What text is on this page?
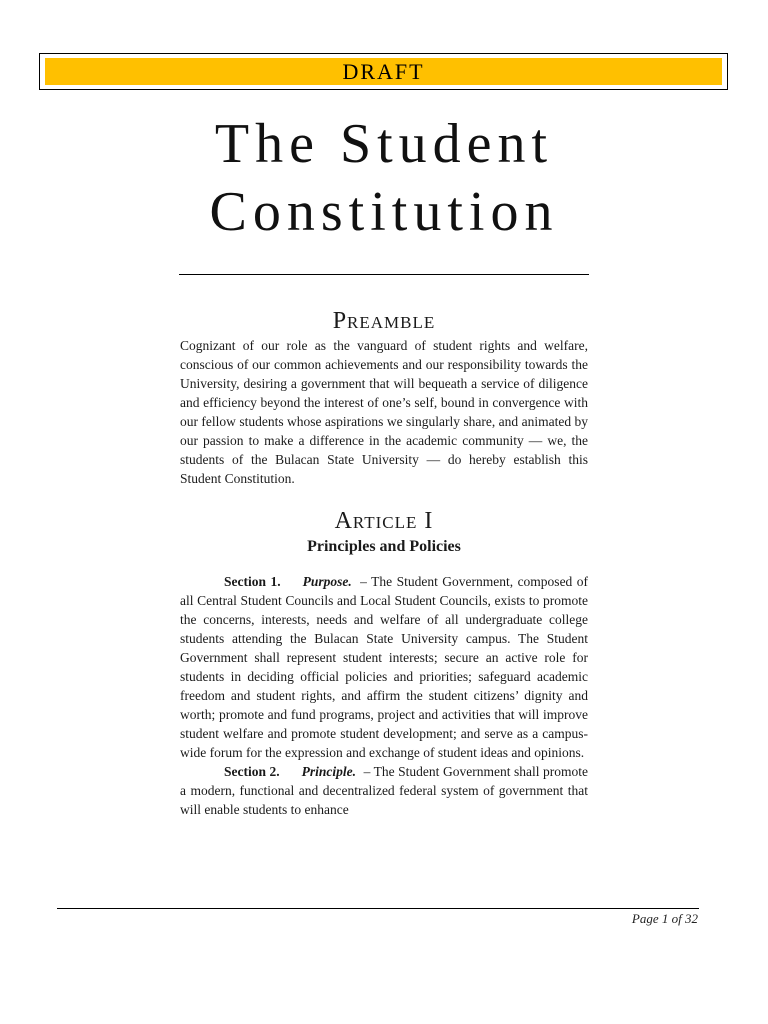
DRAFT
The Student
Constitution
Preamble

Cognizant of our role as the vanguard of student rights and welfare, conscious of our common achievements and our responsibility towards the University, desiring a government that will bequeath a service of diligence and efficiency beyond the interest of one’s self, bound in convergence with our fellow students whose aspirations we singularly share, and animated by our passion to make a difference in the academic community — we, the students of the Bulacan State University — do hereby establish this Student Constitution.

Article I
Principles and Policies

Section 1. Purpose. – The Student Government, composed of all Central Student Councils and Local Student Councils, exists to promote the concerns, interests, needs and welfare of all undergraduate college students attending the Bulacan State University campus. The Student Government shall represent student interests; secure an active role for students in deciding official policies and priorities; safeguard academic freedom and student rights, and affirm the student citizens’ dignity and worth; promote and fund programs, project and activities that will improve student welfare and promote student development; and serve as a campus-wide forum for the expression and exchange of student ideas and opinions.

Section 2. Principle. – The Student Government shall promote a modern, functional and decentralized federal system of government that will enable students to enhance

Page 1 of 32
